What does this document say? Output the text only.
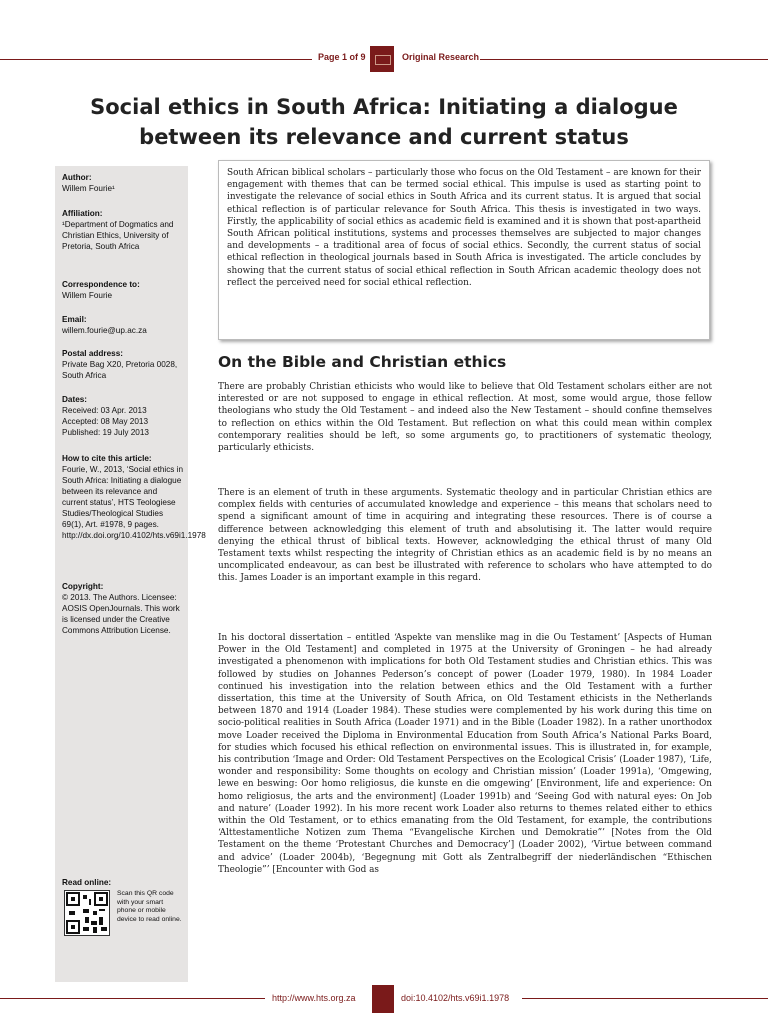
Page 1 of 9	Original Research
Social ethics in South Africa: Initiating a dialogue between its relevance and current status
Author:
Willem Fourie¹
Affiliation:
¹Department of Dogmatics and Christian Ethics, University of Pretoria, South Africa
Correspondence to:
Willem Fourie
Email:
willem.fourie@up.ac.za
Postal address:
Private Bag X20, Pretoria 0028, South Africa
Dates:
Received: 03 Apr. 2013
Accepted: 08 May 2013
Published: 19 July 2013
How to cite this article:
Fourie, W., 2013, ‘Social ethics in South Africa: Initiating a dialogue between its relevance and current status’, HTS Teologiese Studies/Theological Studies 69(1), Art. #1978, 9 pages. http://dx.doi.org/10.4102/hts.v69i1.1978
Copyright:
© 2013. The Authors. Licensee: AOSIS OpenJournals. This work is licensed under the Creative Commons Attribution License.
Read online:
Scan this QR code with your smart phone or mobile device to read online.
South African biblical scholars – particularly those who focus on the Old Testament – are known for their engagement with themes that can be termed social ethical. This impulse is used as starting point to investigate the relevance of social ethics in South Africa and its current status. It is argued that social ethical reflection is of particular relevance for South Africa. This thesis is investigated in two ways. Firstly, the applicability of social ethics as academic field is examined and it is shown that post-apartheid South African political institutions, systems and processes themselves are subjected to major changes and developments – a traditional area of focus of social ethics. Secondly, the current status of social ethical reflection in theological journals based in South Africa is investigated. The article concludes by showing that the current status of social ethical reflection in South African academic theology does not reflect the perceived need for social ethical reflection.
On the Bible and Christian ethics
There are probably Christian ethicists who would like to believe that Old Testament scholars either are not interested or are not supposed to engage in ethical reflection. At most, some would argue, those fellow theologians who study the Old Testament – and indeed also the New Testament – should confine themselves to reflection on ethics within the Old Testament. But reflection on what this could mean within complex contemporary realities should be left, so some arguments go, to practitioners of systematic theology, particularly ethicists.
There is an element of truth in these arguments. Systematic theology and in particular Christian ethics are complex fields with centuries of accumulated knowledge and experience – this means that scholars need to spend a significant amount of time in acquiring and integrating these resources. There is of course a difference between acknowledging this element of truth and absolutising it. The latter would require denying the ethical thrust of biblical texts. However, acknowledging the ethical thrust of many Old Testament texts whilst respecting the integrity of Christian ethics as an academic field is by no means an uncomplicated endeavour, as can best be illustrated with reference to scholars who have attempted to do this. James Loader is an important example in this regard.
In his doctoral dissertation – entitled ‘Aspekte van menslike mag in die Ou Testament’ [Aspects of Human Power in the Old Testament] and completed in 1975 at the University of Groningen – he had already investigated a phenomenon with implications for both Old Testament studies and Christian ethics. This was followed by studies on Johannes Pederson’s concept of power (Loader 1979, 1980). In 1984 Loader continued his investigation into the relation between ethics and the Old Testament with a further dissertation, this time at the University of South Africa, on Old Testament ethicists in the Netherlands between 1870 and 1914 (Loader 1984). These studies were complemented by his work during this time on socio-political realities in South Africa (Loader 1971) and in the Bible (Loader 1982). In a rather unorthodox move Loader received the Diploma in Environmental Education from South Africa’s National Parks Board, for studies which focused his ethical reflection on environmental issues. This is illustrated in, for example, his contribution ‘Image and Order: Old Testament Perspectives on the Ecological Crisis’ (Loader 1987), ‘Life, wonder and responsibility: Some thoughts on ecology and Christian mission’ (Loader 1991a), ‘Omgewing, lewe en beswing: Oor homo religiosus, die kunste en die omgewing’ [Environment, life and experience: On homo religiosus, the arts and the environment] (Loader 1991b) and ‘Seeing God with natural eyes: On Job and nature’ (Loader 1992). In his more recent work Loader also returns to themes related either to ethics within the Old Testament, or to ethics emanating from the Old Testament, for example, the contributions ‘Alttestamentliche Notizen zum Thema “Evangelische Kirchen und Demokratie”’ [Notes from the Old Testament on the theme ‘Protestant Churches and Democracy’] (Loader 2002), ‘Virtue between command and advice’ (Loader 2004b), ‘Begegnung mit Gott als Zentralbegriff der niederländischen “Ethischen Theologie”’ [Encounter with God as
http://www.hts.org.za	doi:10.4102/hts.v69i1.1978
